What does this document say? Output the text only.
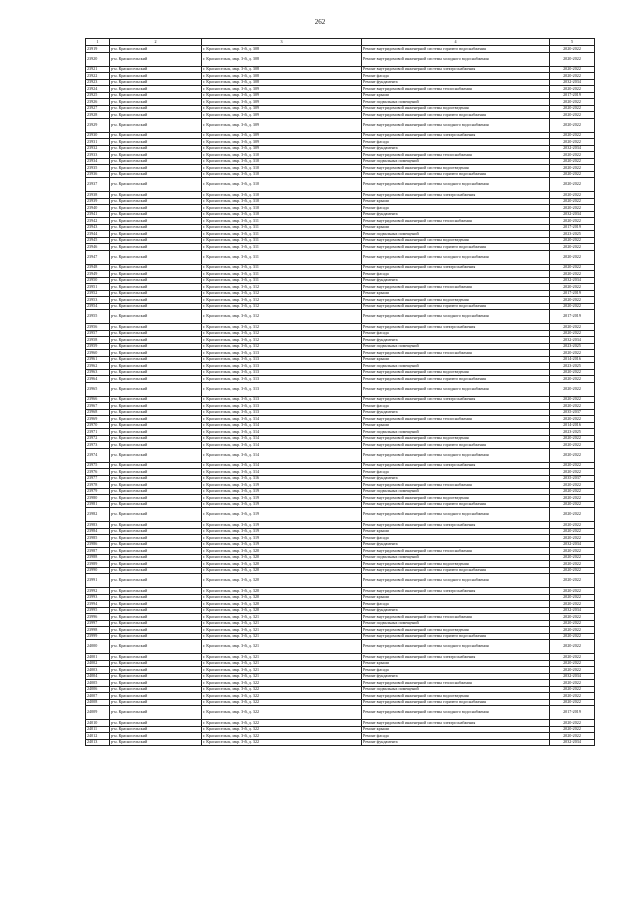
262
1	2	3	4	5
23919	р-н. Красносельский	г. Красносельск, мкр. 3-й, д. 308	Ремонт внутридомовой инженерной системы горячего водоснабжения	2020-2022
23920	р-н. Красносельский	г. Красносельск, мкр. 3-й, д. 308	Ремонт внутридомовой инженерной системы холодного водоснабжения	2020-2022
23921	р-н. Красносельский	г. Красносельск, мкр. 3-й, д. 308	Ремонт внутридомовой инженерной системы электроснабжения	2020-2022
23922	р-н. Красносельский	г. Красносельск, мкр. 3-й, д. 308	Ремонт фасада	2020-2022
23923	р-н. Красносельский	г. Красносельск, мкр. 3-й, д. 308	Ремонт фундамента	2032-2034
23924	р-н. Красносельский	г. Красносельск, мкр. 3-й, д. 309	Ремонт внутридомовой инженерной системы теплоснабжения	2020-2022
23925	р-н. Красносельский	г. Красносельск, мкр. 3-й, д. 309	Ремонт крыши	2017-2019
23926	р-н. Красносельский	г. Красносельск, мкр. 3-й, д. 309	Ремонт подвальных помещений	2020-2022
23927	р-н. Красносельский	г. Красносельск, мкр. 3-й, д. 309	Ремонт внутридомовой инженерной системы водоотведения	2020-2022
23928	р-н. Красносельский	г. Красносельск, мкр. 3-й, д. 309	Ремонт внутридомовой инженерной системы горячего водоснабжения	2020-2022
23929	р-н. Красносельский	г. Красносельск, мкр. 3-й, д. 309	Ремонт внутридомовой инженерной системы холодного водоснабжения	2020-2022
23930	р-н. Красносельский	г. Красносельск, мкр. 3-й, д. 309	Ремонт внутридомовой инженерной системы электроснабжения	2020-2022
23931	р-н. Красносельский	г. Красносельск, мкр. 3-й, д. 309	Ремонт фасада	2020-2022
23932	р-н. Красносельский	г. Красносельск, мкр. 3-й, д. 309	Ремонт фундамента	2032-2034
23933	р-н. Красносельский	г. Красносельск, мкр. 3-й, д. 310	Ремонт внутридомовой инженерной системы теплоснабжения	2020-2022
23934	р-н. Красносельский	г. Красносельск, мкр. 3-й, д. 310	Ремонт подвальных помещений	2020-2022
23935	р-н. Красносельский	г. Красносельск, мкр. 3-й, д. 310	Ремонт внутридомовой инженерной системы водоотведения	2020-2022
23936	р-н. Красносельский	г. Красносельск, мкр. 3-й, д. 310	Ремонт внутридомовой инженерной системы горячего водоснабжения	2020-2022
23937	р-н. Красносельский	г. Красносельск, мкр. 3-й, д. 310	Ремонт внутридомовой инженерной системы холодного водоснабжения	2020-2022
23938	р-н. Красносельский	г. Красносельск, мкр. 3-й, д. 310	Ремонт внутридомовой инженерной системы электроснабжения	2020-2022
23939	р-н. Красносельский	г. Красносельск, мкр. 3-й, д. 310	Ремонт крыши	2020-2022
23940	р-н. Красносельский	г. Красносельск, мкр. 3-й, д. 310	Ремонт фасада	2020-2022
23941	р-н. Красносельский	г. Красносельск, мкр. 3-й, д. 310	Ремонт фундамента	2032-2034
23942	р-н. Красносельский	г. Красносельск, мкр. 3-й, д. 311	Ремонт внутридомовой инженерной системы теплоснабжения	2020-2022
23943	р-н. Красносельский	г. Красносельск, мкр. 3-й, д. 311	Ремонт крыши	2017-2019
23944	р-н. Красносельский	г. Красносельск, мкр. 3-й, д. 311	Ремонт подвальных помещений	2023-2025
23945	р-н. Красносельский	г. Красносельск, мкр. 3-й, д. 311	Ремонт внутридомовой инженерной системы водоотведения	2020-2022
23946	р-н. Красносельский	г. Красносельск, мкр. 3-й, д. 311	Ремонт внутридомовой инженерной системы горячего водоснабжения	2020-2022
23947	р-н. Красносельский	г. Красносельск, мкр. 3-й, д. 311	Ремонт внутридомовой инженерной системы холодного водоснабжения	2020-2022
23948	р-н. Красносельский	г. Красносельск, мкр. 3-й, д. 311	Ремонт внутридомовой инженерной системы электроснабжения	2020-2022
23949	р-н. Красносельский	г. Красносельск, мкр. 3-й, д. 311	Ремонт фасада	2020-2022
23950	р-н. Красносельский	г. Красносельск, мкр. 3-й, д. 311	Ремонт фундамента	2032-2034
23951	р-н. Красносельский	г. Красносельск, мкр. 3-й, д. 312	Ремонт внутридомовой инженерной системы теплоснабжения	2020-2022
23952	р-н. Красносельский	г. Красносельск, мкр. 3-й, д. 312	Ремонт крыши	2017-2019
23953	р-н. Красносельский	г. Красносельск, мкр. 3-й, д. 312	Ремонт внутридомовой инженерной системы водоотведения	2020-2022
23954	р-н. Красносельский	г. Красносельск, мкр. 3-й, д. 312	Ремонт внутридомовой инженерной системы горячего водоснабжения	2020-2022
23955	р-н. Красносельский	г. Красносельск, мкр. 3-й, д. 312	Ремонт внутридомовой инженерной системы холодного водоснабжения	2017-2019
23956	р-н. Красносельский	г. Красносельск, мкр. 3-й, д. 312	Ремонт внутридомовой инженерной системы электроснабжения	2020-2022
23957	р-н. Красносельский	г. Красносельск, мкр. 3-й, д. 312	Ремонт фасада	2020-2022
23958	р-н. Красносельский	г. Красносельск, мкр. 3-й, д. 312	Ремонт фундамента	2032-2034
23959	р-н. Красносельский	г. Красносельск, мкр. 3-й, д. 312	Ремонт подвальных помещений	2023-2025
23960	р-н. Красносельский	г. Красносельск, мкр. 3-й, д. 313	Ремонт внутридомовой инженерной системы теплоснабжения	2020-2022
23961	р-н. Красносельский	г. Красносельск, мкр. 3-й, д. 313	Ремонт крыши	2014-2016
23962	р-н. Красносельский	г. Красносельск, мкр. 3-й, д. 313	Ремонт подвальных помещений	2023-2025
23963	р-н. Красносельский	г. Красносельск, мкр. 3-й, д. 313	Ремонт внутридомовой инженерной системы водоотведения	2020-2022
23964	р-н. Красносельский	г. Красносельск, мкр. 3-й, д. 313	Ремонт внутридомовой инженерной системы горячего водоснабжения	2020-2022
23965	р-н. Красносельский	г. Красносельск, мкр. 3-й, д. 313	Ремонт внутридомовой инженерной системы холодного водоснабжения	2020-2022
23966	р-н. Красносельский	г. Красносельск, мкр. 3-й, д. 313	Ремонт внутридомовой инженерной системы электроснабжения	2020-2022
23967	р-н. Красносельский	г. Красносельск, мкр. 3-й, д. 313	Ремонт фасада	2020-2022
23968	р-н. Красносельский	г. Красносельск, мкр. 3-й, д. 313	Ремонт фундамента	2035-2037
23969	р-н. Красносельский	г. Красносельск, мкр. 3-й, д. 314	Ремонт внутридомовой инженерной системы теплоснабжения	2020-2022
23970	р-н. Красносельский	г. Красносельск, мкр. 3-й, д. 314	Ремонт крыши	2014-2016
23971	р-н. Красносельский	г. Красносельск, мкр. 3-й, д. 314	Ремонт подвальных помещений	2023-2025
23972	р-н. Красносельский	г. Красносельск, мкр. 3-й, д. 314	Ремонт внутридомовой инженерной системы водоотведения	2020-2022
23973	р-н. Красносельский	г. Красносельск, мкр. 3-й, д. 314	Ремонт внутридомовой инженерной системы горячего водоснабжения	2020-2022
23974	р-н. Красносельский	г. Красносельск, мкр. 3-й, д. 314	Ремонт внутридомовой инженерной системы холодного водоснабжения	2020-2022
23975	р-н. Красносельский	г. Красносельск, мкр. 3-й, д. 314	Ремонт внутридомовой инженерной системы электроснабжения	2020-2022
23976	р-н. Красносельский	г. Красносельск, мкр. 3-й, д. 314	Ремонт фасада	2020-2022
23977	р-н. Красносельский	г. Красносельск, мкр. 3-й, д. 316	Ремонт фундамента	2035-2037
23978	р-н. Красносельский	г. Красносельск, мкр. 3-й, д. 319	Ремонт внутридомовой инженерной системы теплоснабжения	2020-2022
23979	р-н. Красносельский	г. Красносельск, мкр. 3-й, д. 319	Ремонт подвальных помещений	2020-2022
23980	р-н. Красносельский	г. Красносельск, мкр. 3-й, д. 319	Ремонт внутридомовой инженерной системы водоотведения	2020-2022
23981	р-н. Красносельский	г. Красносельск, мкр. 3-й, д. 319	Ремонт внутридомовой инженерной системы горячего водоснабжения	2020-2022
23982	р-н. Красносельский	г. Красносельск, мкр. 3-й, д. 319	Ремонт внутридомовой инженерной системы холодного водоснабжения	2020-2022
23983	р-н. Красносельский	г. Красносельск, мкр. 3-й, д. 319	Ремонт внутридомовой инженерной системы электроснабжения	2020-2022
23984	р-н. Красносельский	г. Красносельск, мкр. 3-й, д. 319	Ремонт крыши	2020-2022
23985	р-н. Красносельский	г. Красносельск, мкр. 3-й, д. 319	Ремонт фасада	2020-2022
23986	р-н. Красносельский	г. Красносельск, мкр. 3-й, д. 319	Ремонт фундамента	2032-2034
23987	р-н. Красносельский	г. Красносельск, мкр. 3-й, д. 320	Ремонт внутридомовой инженерной системы теплоснабжения	2020-2022
23988	р-н. Красносельский	г. Красносельск, мкр. 3-й, д. 320	Ремонт подвальных помещений	2020-2022
23989	р-н. Красносельский	г. Красносельск, мкр. 3-й, д. 320	Ремонт внутридомовой инженерной системы водоотведения	2020-2022
23990	р-н. Красносельский	г. Красносельск, мкр. 3-й, д. 320	Ремонт внутридомовой инженерной системы горячего водоснабжения	2020-2022
23991	р-н. Красносельский	г. Красносельск, мкр. 3-й, д. 320	Ремонт внутридомовой инженерной системы холодного водоснабжения	2020-2022
23992	р-н. Красносельский	г. Красносельск, мкр. 3-й, д. 320	Ремонт внутридомовой инженерной системы электроснабжения	2020-2022
23993	р-н. Красносельский	г. Красносельск, мкр. 3-й, д. 320	Ремонт крыши	2020-2022
23994	р-н. Красносельский	г. Красносельск, мкр. 3-й, д. 320	Ремонт фасада	2020-2022
23995	р-н. Красносельский	г. Красносельск, мкр. 3-й, д. 320	Ремонт фундамента	2032-2034
23996	р-н. Красносельский	г. Красносельск, мкр. 3-й, д. 321	Ремонт внутридомовой инженерной системы теплоснабжения	2020-2022
23997	р-н. Красносельский	г. Красносельск, мкр. 3-й, д. 321	Ремонт подвальных помещений	2020-2022
23998	р-н. Красносельский	г. Красносельск, мкр. 3-й, д. 321	Ремонт внутридомовой инженерной системы водоотведения	2020-2022
23999	р-н. Красносельский	г. Красносельск, мкр. 3-й, д. 321	Ремонт внутридомовой инженерной системы горячего водоснабжения	2020-2022
24000	р-н. Красносельский	г. Красносельск, мкр. 3-й, д. 321	Ремонт внутридомовой инженерной системы холодного водоснабжения	2020-2022
24001	р-н. Красносельский	г. Красносельск, мкр. 3-й, д. 321	Ремонт внутридомовой инженерной системы электроснабжения	2020-2022
24002	р-н. Красносельский	г. Красносельск, мкр. 3-й, д. 321	Ремонт крыши	2020-2022
24003	р-н. Красносельский	г. Красносельск, мкр. 3-й, д. 321	Ремонт фасада	2020-2022
24004	р-н. Красносельский	г. Красносельск, мкр. 3-й, д. 321	Ремонт фундамента	2032-2034
24005	р-н. Красносельский	г. Красносельск, мкр. 3-й, д. 322	Ремонт внутридомовой инженерной системы теплоснабжения	2020-2022
24006	р-н. Красносельский	г. Красносельск, мкр. 3-й, д. 322	Ремонт подвальных помещений	2020-2022
24007	р-н. Красносельский	г. Красносельск, мкр. 3-й, д. 322	Ремонт внутридомовой инженерной системы водоотведения	2020-2022
24008	р-н. Красносельский	г. Красносельск, мкр. 3-й, д. 322	Ремонт внутридомовой инженерной системы горячего водоснабжения	2020-2022
24009	р-н. Красносельский	г. Красносельск, мкр. 3-й, д. 322	Ремонт внутридомовой инженерной системы холодного водоснабжения	2017-2019
24010	р-н. Красносельский	г. Красносельск, мкр. 3-й, д. 322	Ремонт внутридомовой инженерной системы электроснабжения	2020-2022
24011	р-н. Красносельский	г. Красносельск, мкр. 3-й, д. 322	Ремонт крыши	2020-2022
24012	р-н. Красносельский	г. Красносельск, мкр. 3-й, д. 322	Ремонт фасада	2020-2022
24013	р-н. Красносельский	г. Красносельск, мкр. 3-й, д. 322	Ремонт фундамента	2032-2034
